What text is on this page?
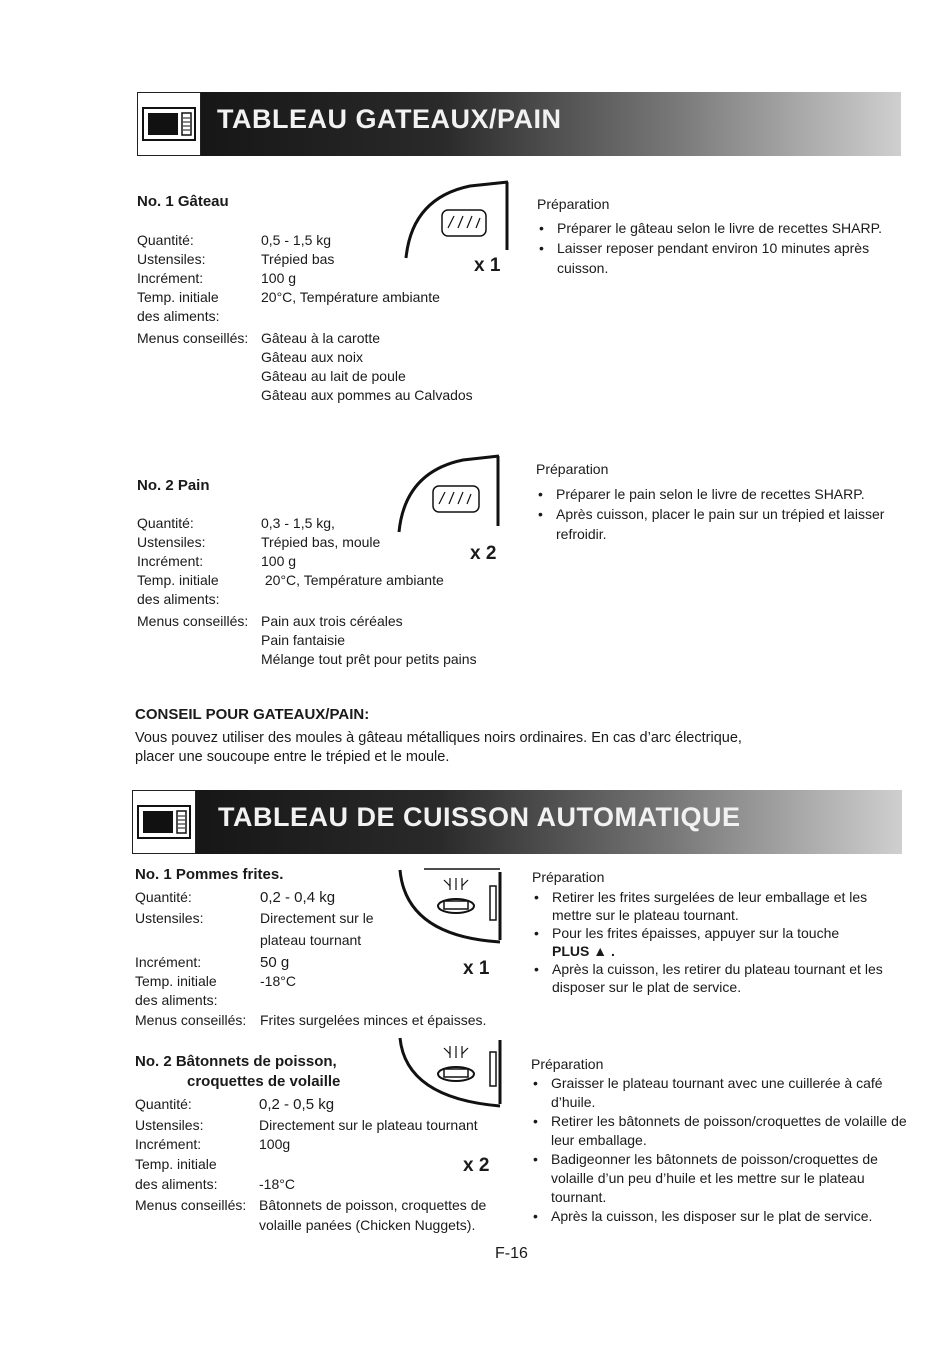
TABLEAU GATEAUX/PAIN
No. 1 Gâteau
Quantité:	0,5 - 1,5 kg
Ustensiles:	Trépied bas
Incrément:	100 g
Temp. initiale	20°C, Température ambiante
des aliments:
Menus conseillés: Gâteau à la carotte
Gâteau aux noix
Gâteau au lait de poule
Gâteau aux pommes au Calvados
x 1
Préparation
• Préparer le gâteau selon le livre de recettes SHARP.
• Laisser reposer pendant environ 10 minutes après cuisson.
No. 2 Pain
Quantité:	0,3 - 1,5 kg,
Ustensiles:	Trépied bas, moule
Incrément:	100 g
Temp. initiale	20°C, Température ambiante
des aliments:
Menus conseillés: Pain aux trois céréales
Pain fantaisie
Mélange tout prêt pour petits pains
x 2
Préparation
• Préparer le pain selon le livre de recettes SHARP.
• Après cuisson, placer le pain sur un trépied et laisser refroidir.
CONSEIL POUR GATEAUX/PAIN:
Vous pouvez utiliser des moules à gâteau métalliques noirs ordinaires. En cas d’arc électrique,
placer une soucoupe entre le trépied et le moule.
TABLEAU DE CUISSON AUTOMATIQUE
No. 1 Pommes frites.
Quantité:	0,2 - 0,4 kg
Ustensiles:	Directement sur le
plateau tournant
Incrément:	50 g
Temp. initiale	-18°C
des aliments:
Menus conseillés: Frites surgelées minces et épaisses.
x 1
Préparation
• Retirer les frites surgelées de leur emballage et les mettre sur le plateau tournant.
• Pour les frites épaisses, appuyer sur la touche
PLUS ▲ .
• Après la cuisson, les retirer du plateau tournant et les disposer sur le plat de service.
No. 2 Bâtonnets de poisson,
croquettes de volaille
Quantité:	0,2 - 0,5 kg
Ustensiles:	Directement sur le plateau tournant
Incrément:	100g
Temp. initiale
des aliments:	-18°C
Menus conseillés: Bâtonnets de poisson, croquettes de
volaille panées (Chicken Nuggets).
x 2
Préparation
• Graisser le plateau tournant avec une cuillerée à café d’huile.
• Retirer les bâtonnets de poisson/croquettes de volaille de leur emballage.
• Badigeonner les bâtonnets de poisson/croquettes de volaille d’un peu d’huile et les mettre sur le plateau tournant.
• Après la cuisson, les disposer sur le plat de service.
F-16
